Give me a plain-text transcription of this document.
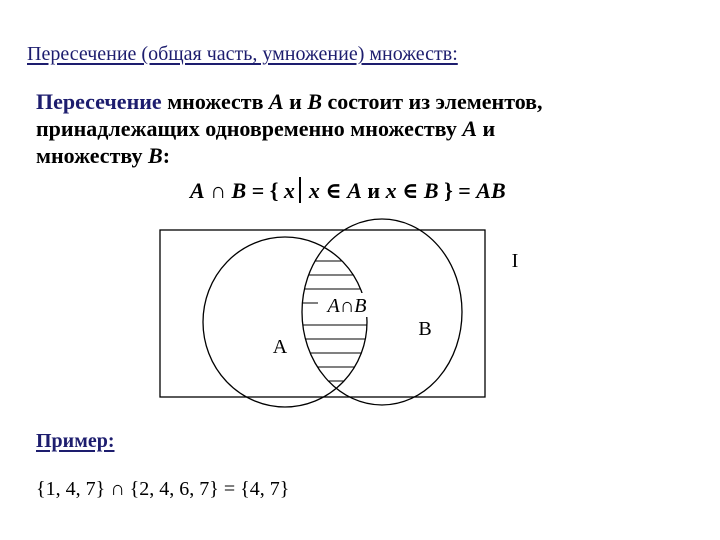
Пересечение (общая часть, умножение) множеств:
Пересечение множеств A и B состоит из элементов,
принадлежащих одновременно множеству A и
множеству B:
A ∩ B = { x x ∈ A и x ∈ B } = AB
A∩B
A
B
I
Пример:
{1, 4, 7} ∩ {2, 4, 6, 7} = {4, 7}
